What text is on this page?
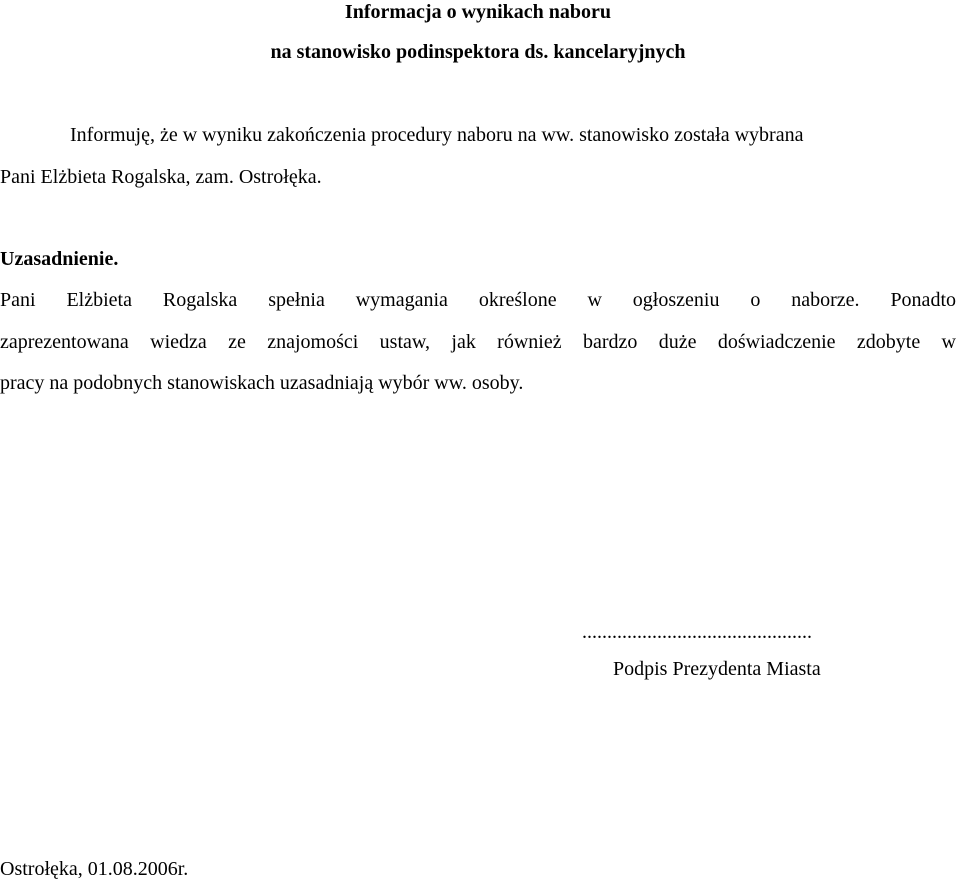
Informacja o wynikach naboru
na stanowisko podinspektora ds. kancelaryjnych
Informuję, że w wyniku zakończenia procedury naboru na ww. stanowisko została wybrana
Pani Elżbieta Rogalska, zam. Ostrołęka.
Uzasadnienie.
Pani Elżbieta Rogalska spełnia wymagania określone w ogłoszeniu o naborze. Ponadto
zaprezentowana wiedza ze znajomości ustaw, jak również bardzo duże doświadczenie zdobyte w
pracy na podobnych stanowiskach uzasadniają wybór ww. osoby.
..............................................
Podpis Prezydenta Miasta
Ostrołęka, 01.08.2006r.
